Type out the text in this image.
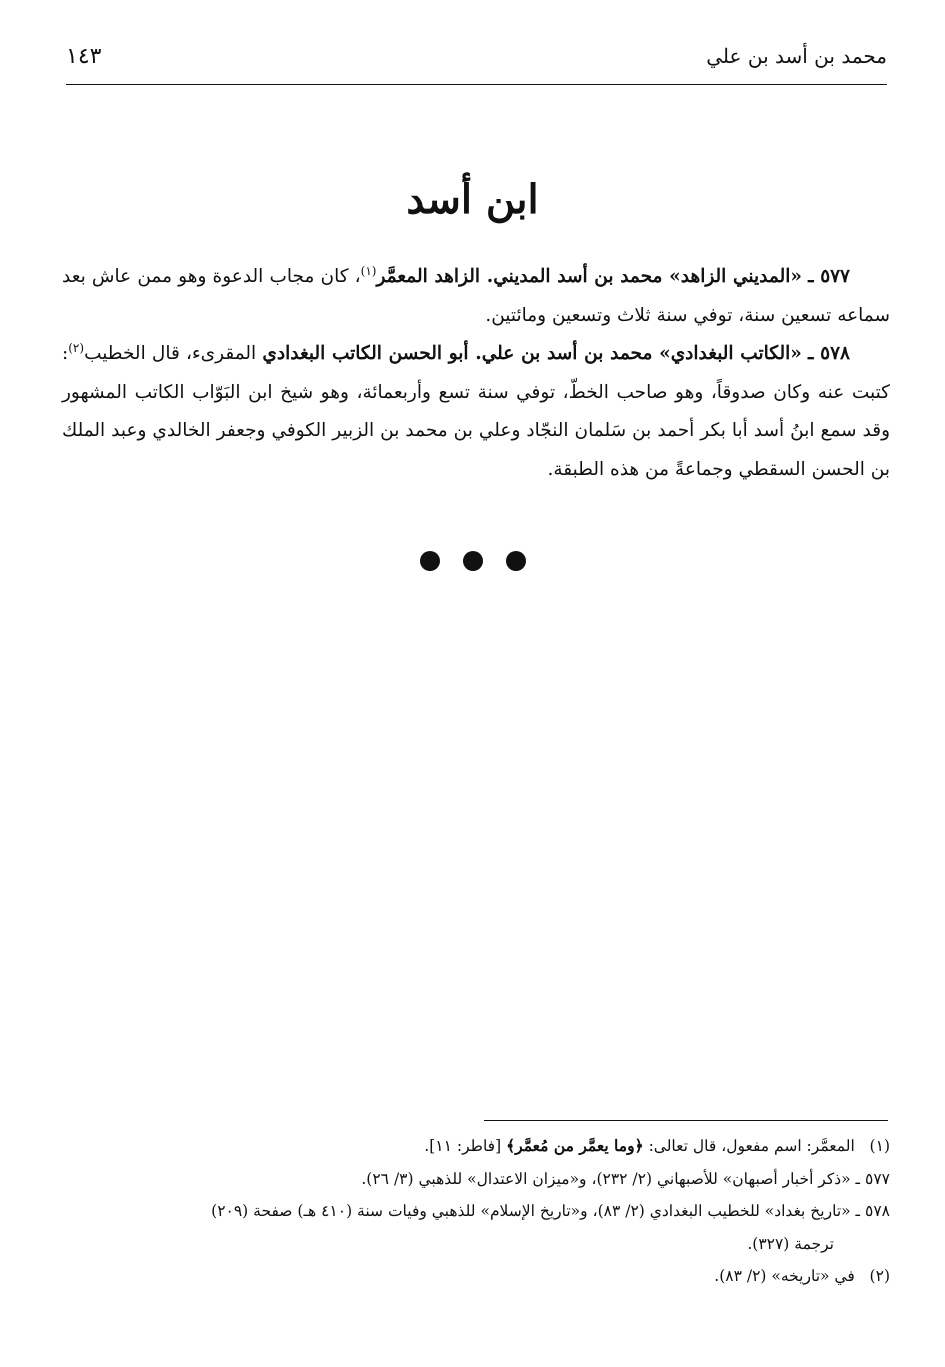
محمد بن أسد بن علي
١٤٣
ابن أسد

٥٧٧ ـ «المديني الزاهد» محمد بن أسد المديني. الزاهد المعمَّر$^{(١)}$، كان مجاب الدعوة وهو ممن عاش بعد سماعه تسعين سنة، توفي سنة ثلاث وتسعين ومائتين.

٥٧٨ ـ «الكاتب البغدادي» محمد بن أسد بن علي. أبو الحسن الكاتب البغدادي المقرىء، قال الخطيب$^{(٢)}$: كتبت عنه وكان صدوقاً، وهو صاحب الخطّ، توفي سنة تسع وأربعمائة، وهو شيخ ابن البَوّاب الكاتب المشهور وقد سمع ابنُ أسد أبا بكر أحمد بن سَلمان النجّاد وعلي بن محمد بن الزبير الكوفي وجعفر الخالدي وعبد الملك بن الحسن السقطي وجماعةً من هذه الطبقة.

(١)   المعمَّر: اسم مفعول، قال تعالى: ﴿وما يعمَّر من مُعمَّر﴾ [فاطر: ١١].

٥٧٧ ـ «ذكر أخبار أصبهان» للأصبهاني (٢/ ٢٣٢)، و«ميزان الاعتدال» للذهبي (٣/ ٢٦).

٥٧٨ ـ «تاريخ بغداد» للخطيب البغدادي (٢/ ٨٣)، و«تاريخ الإسلام» للذهبي وفيات سنة (٤١٠ هـ) صفحة (٢٠٩)

ترجمة (٣٢٧).

(٢)   في «تاريخه» (٢/ ٨٣).
